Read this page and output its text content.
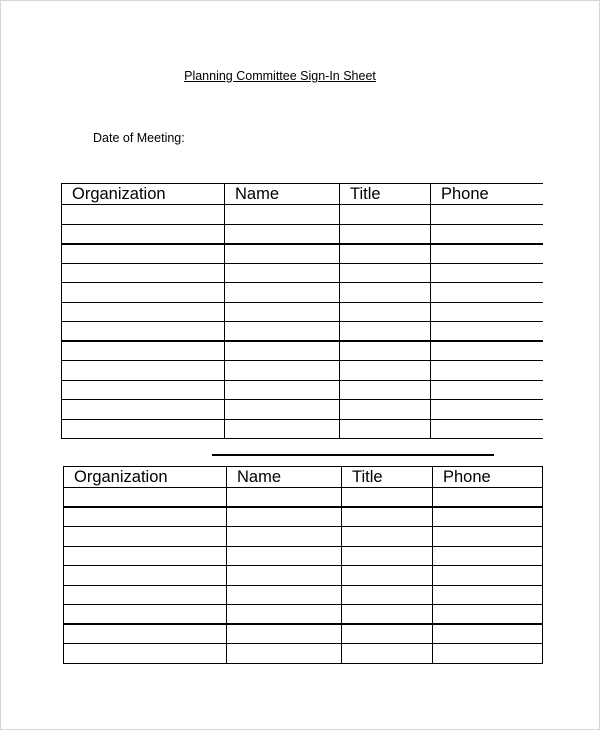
Planning Committee Sign-In Sheet
Date of Meeting:
Organization	Name	Title	Phone

Organization	Name	Title	Phone
